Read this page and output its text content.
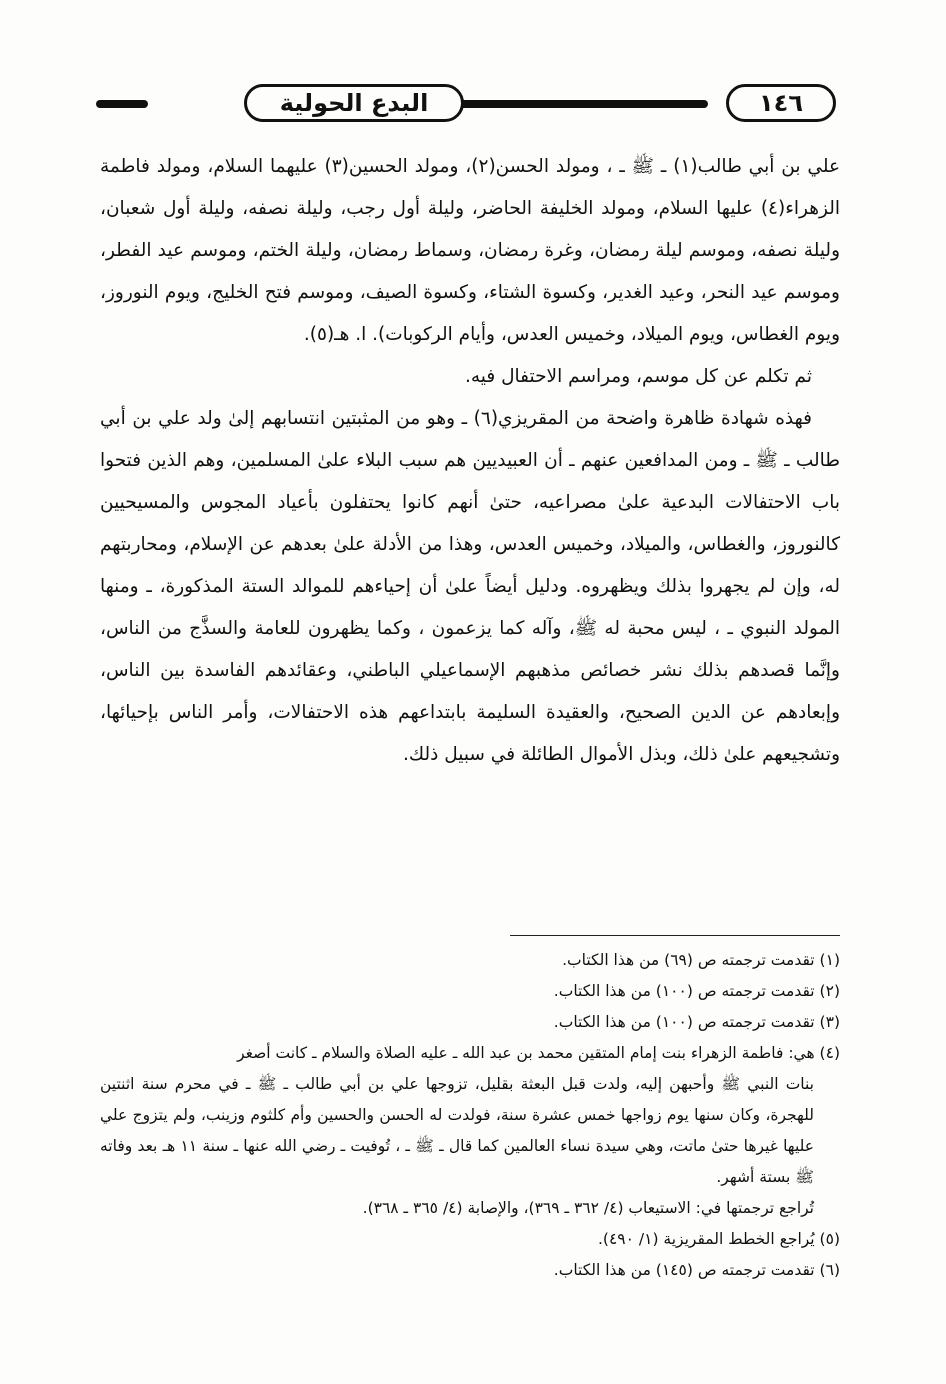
البدع الحولية	١٤٦

علي بن أبي طالب(١) ـ ﷺ ـ ، ومولد الحسن(٢)، ومولد الحسين(٣) عليهما السلام، ومولد فاطمة الزهراء(٤) عليها السلام، ومولد الخليفة الحاضر، وليلة أول رجب، وليلة نصفه، وليلة أول شعبان، وليلة نصفه، وموسم ليلة رمضان، وغرة رمضان، وسماط رمضان، وليلة الختم، وموسم عيد الفطر، وموسم عيد النحر، وعيد الغدير، وكسوة الشتاء، وكسوة الصيف، وموسم فتح الخليج، ويوم النوروز، ويوم الغطاس، ويوم الميلاد، وخميس العدس، وأيام الركوبات). ا. هـ(٥).

ثم تكلم عن كل موسم، ومراسم الاحتفال فيه.

فهذه شهادة ظاهرة واضحة من المقريزي(٦) ـ وهو من المثبتين انتسابهم إلىٰ ولد علي بن أبي طالب ـ ﷺ ـ ومن المدافعين عنهم ـ أن العبيديين هم سبب البلاء علىٰ المسلمين، وهم الذين فتحوا باب الاحتفالات البدعية علىٰ مصراعيه، حتىٰ أنهم كانوا يحتفلون بأعياد المجوس والمسيحيين كالنوروز، والغطاس، والميلاد، وخميس العدس، وهذا من الأدلة علىٰ بعدهم عن الإسلام، ومحاربتهم له، وإن لم يجهروا بذلك ويظهروه. ودليل أيضاً علىٰ أن إحياءهم للموالد الستة المذكورة، ـ ومنها المولد النبوي ـ ، ليس محبة له ﷺ، وآله كما يزعمون ، وكما يظهرون للعامة والسذَّج من الناس، وإنَّما قصدهم بذلك نشر خصائص مذهبهم الإسماعيلي الباطني، وعقائدهم الفاسدة بين الناس، وإبعادهم عن الدين الصحيح، والعقيدة السليمة بابتداعهم هذه الاحتفالات، وأمر الناس بإحيائها، وتشجيعهم علىٰ ذلك، وبذل الأموال الطائلة في سبيل ذلك.

(١) تقدمت ترجمته ص (٦٩) من هذا الكتاب.

(٢) تقدمت ترجمته ص (١٠٠) من هذا الكتاب.

(٣) تقدمت ترجمته ص (١٠٠) من هذا الكتاب.

(٤) هي: فاطمة الزهراء بنت إمام المتقين محمد بن عبد الله ـ عليه الصلاة والسلام ـ كانت أصغر

بنات النبي ﷺ وأحبهن إليه، ولدت قبل البعثة بقليل، تزوجها علي بن أبي طالب ـ ﷺ ـ في محرم سنة اثنتين للهجرة، وكان سنها يوم زواجها خمس عشرة سنة، فولدت له الحسن والحسين وأم كلثوم وزينب، ولم يتزوج علي عليها غيرها حتىٰ ماتت، وهي سيدة نساء العالمين كما قال ـ ﷺ ـ ، تُوفيت ـ رضي الله عنها ـ سنة ١١ هـ بعد وفاته ﷺ بستة أشهر.

تُراجع ترجمتها في: الاستيعاب (٤/ ٣٦٢ ـ ٣٦٩)، والإصابة (٤/ ٣٦٥ ـ ٣٦٨).

(٥) يُراجع الخطط المقريزية (١/ ٤٩٠).

(٦) تقدمت ترجمته ص (١٤٥) من هذا الكتاب.
